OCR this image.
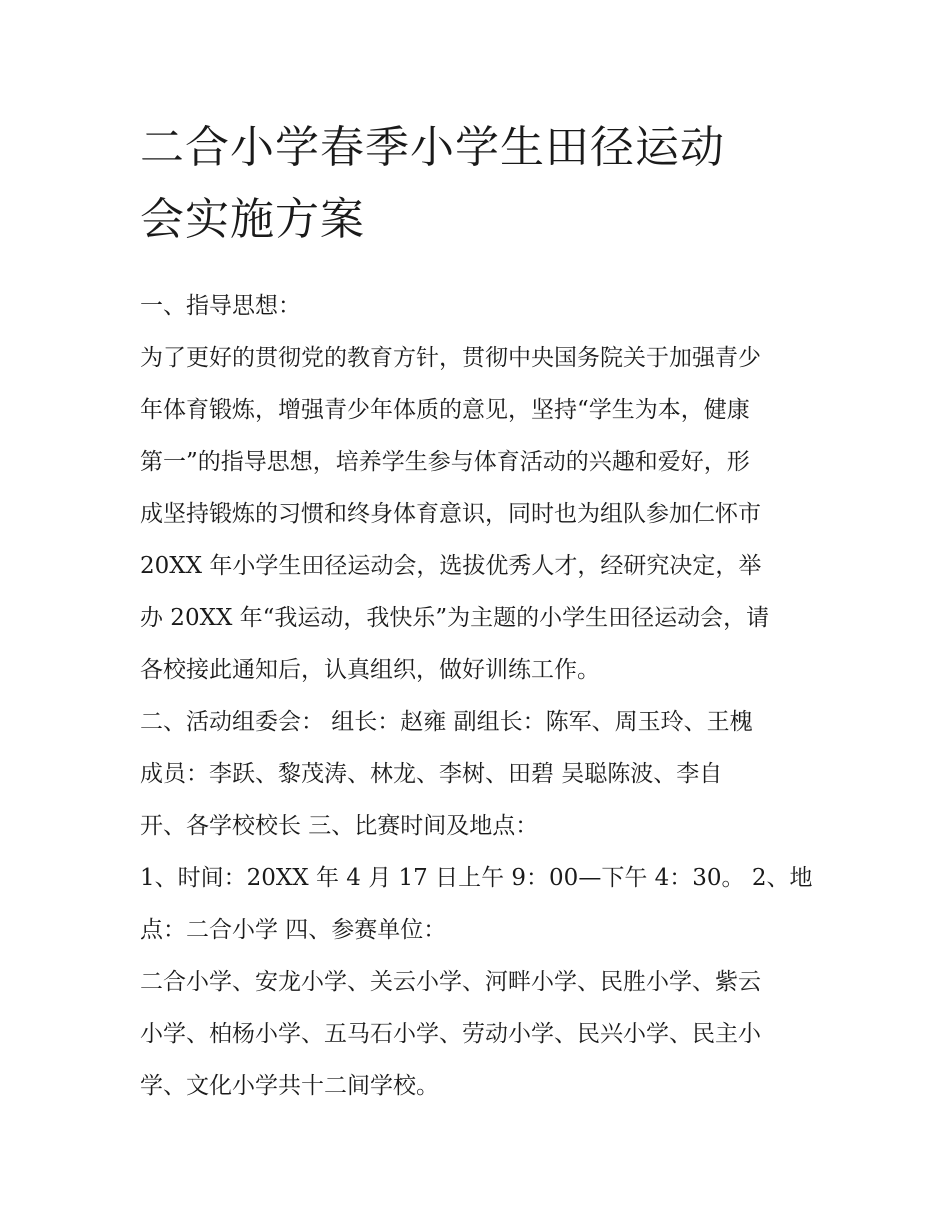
二合小学春季小学生田径运动
会实施方案
一、指导思想：
为了更好的贯彻党的教育方针，贯彻中央国务院关于加强青少
年体育锻炼，增强青少年体质的意见，坚持“学生为本，健康
第一”的指导思想，培养学生参与体育活动的兴趣和爱好，形
成坚持锻炼的习惯和终身体育意识，同时也为组队参加仁怀市
20XX 年小学生田径运动会，选拔优秀人才，经研究决定，举
办 20XX 年“我运动，我快乐”为主题的小学生田径运动会，请
各校接此通知后，认真组织，做好训练工作。
二、活动组委会： 组长：赵雍 副组长：陈军、周玉玲、王槐
成员：李跃、黎茂涛、林龙、李树、田碧 吴聪陈波、李自
开、各学校校长 三、比赛时间及地点：
1、时间：20XX 年 4 月 17 日上午 9：00—下午 4：30。 2、地
点：二合小学 四、参赛单位：
二合小学、安龙小学、关云小学、河畔小学、民胜小学、紫云
小学、柏杨小学、五马石小学、劳动小学、民兴小学、民主小
学、文化小学共十二间学校。
